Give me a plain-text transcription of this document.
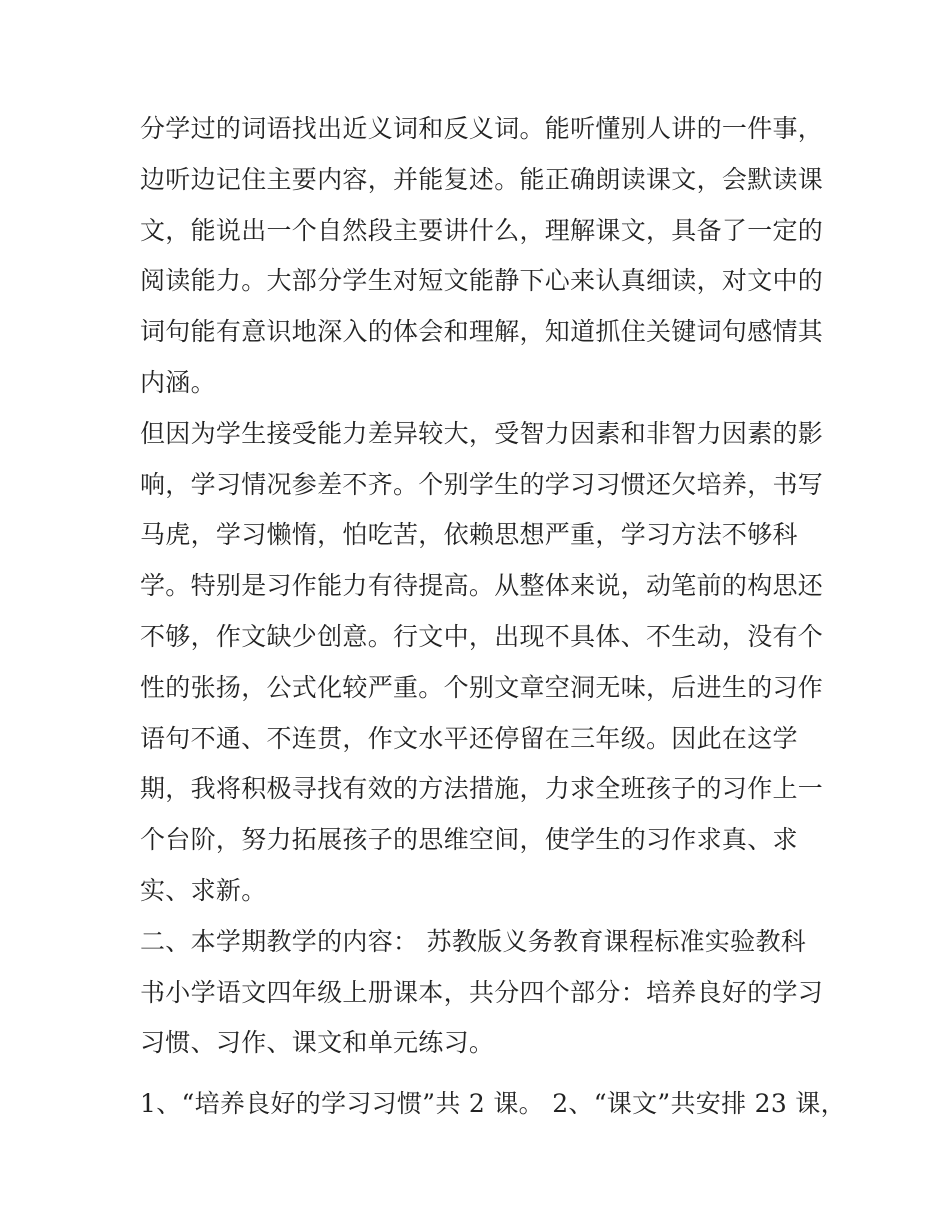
分学过的词语找出近义词和反义词。能听懂别人讲的一件事，
边听边记住主要内容，并能复述。能正确朗读课文，会默读课
文，能说出一个自然段主要讲什么，理解课文，具备了一定的
阅读能力。大部分学生对短文能静下心来认真细读，对文中的
词句能有意识地深入的体会和理解，知道抓住关键词句感情其
内涵。
但因为学生接受能力差异较大，受智力因素和非智力因素的影
响，学习情况参差不齐。个别学生的学习习惯还欠培养，书写
马虎，学习懒惰，怕吃苦，依赖思想严重，学习方法不够科
学。特别是习作能力有待提高。从整体来说，动笔前的构思还
不够，作文缺少创意。行文中，出现不具体、不生动，没有个
性的张扬，公式化较严重。个别文章空洞无味，后进生的习作
语句不通、不连贯，作文水平还停留在三年级。因此在这学
期，我将积极寻找有效的方法措施，力求全班孩子的习作上一
个台阶，努力拓展孩子的思维空间，使学生的习作求真、求
实、求新。
二、本学期教学的内容： 苏教版义务教育课程标准实验教科
书小学语文四年级上册课本，共分四个部分：培养良好的学习
习惯、习作、课文和单元练习。
1、“培养良好的学习习惯”共 2 课。 2、“课文”共安排 23 课，
